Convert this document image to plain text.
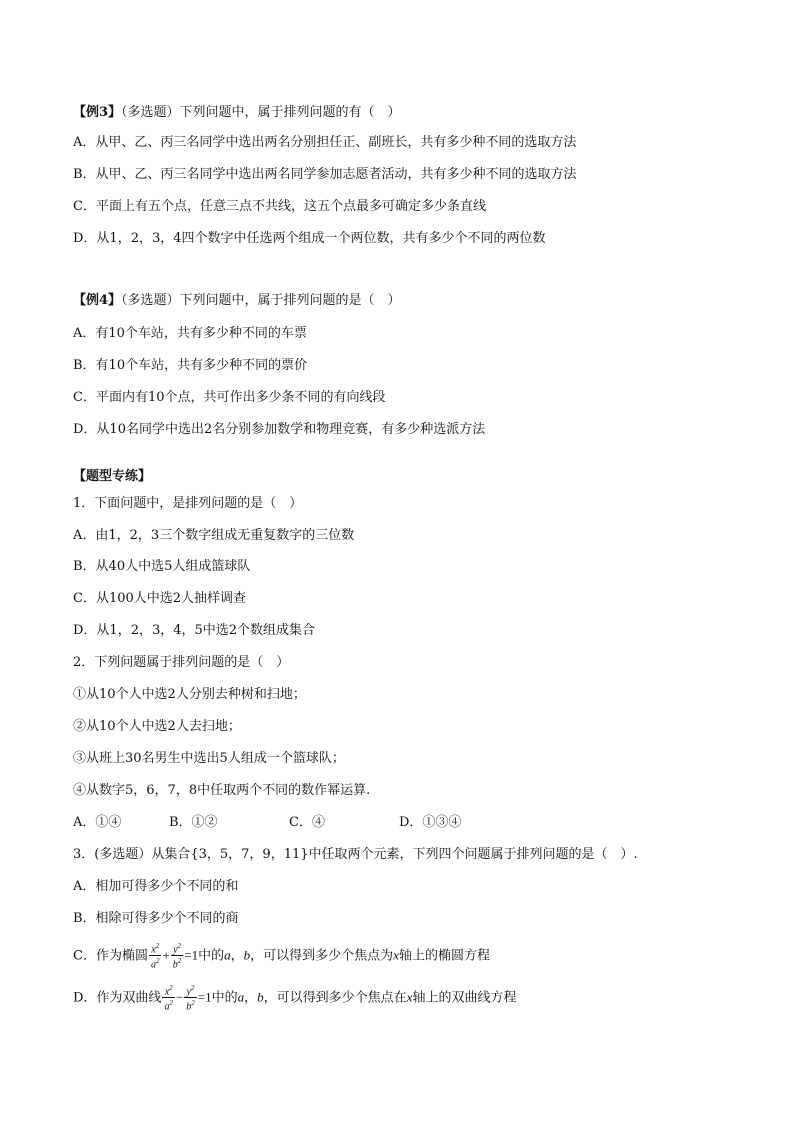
【例3】（多选题）下列问题中，属于排列问题的有（　）
A．从甲、乙、丙三名同学中选出两名分别担任正、副班长，共有多少种不同的选取方法
B．从甲、乙、丙三名同学中选出两名同学参加志愿者活动，共有多少种不同的选取方法
C．平面上有五个点，任意三点不共线，这五个点最多可确定多少条直线
D．从1，2，3，4四个数字中任选两个组成一个两位数，共有多少个不同的两位数
【例4】（多选题）下列问题中，属于排列问题的是（　）
A．有10个车站，共有多少种不同的车票
B．有10个车站，共有多少种不同的票价
C．平面内有10个点，共可作出多少条不同的有向线段
D．从10名同学中选出2名分别参加数学和物理竞赛，有多少种选派方法
【题型专练】
1．下面问题中，是排列问题的是（　）
A．由1，2，3三个数字组成无重复数字的三位数
B．从40人中选5人组成篮球队
C．从100人中选2人抽样调查
D．从1，2，3，4，5中选2个数组成集合
2．下列问题属于排列问题的是（　）
①从10个人中选2人分别去种树和扫地；
②从10个人中选2人去扫地；
③从班上30名男生中选出5人组成一个篮球队；
④从数字5，6，7，8中任取两个不同的数作幂运算.
A．①④	B．①②	C．④	D．①③④
3．(多选题）从集合{3，5，7，9，11}中任取两个元素，下列四个问题属于排列问题的是（　）.
A．相加可得多少个不同的和
B．相除可得多少个不同的商
C．作为椭圆 $\frac{x^2}{a^2} + \frac{y^2}{b^2} =1$中的a，b，可以得到多少个焦点为x轴上的椭圆方程
D．作为双曲线 $\frac{x^2}{a^2} - \frac{y^2}{b^2} =1$中的a，b，可以得到多少个焦点在x轴上的双曲线方程
